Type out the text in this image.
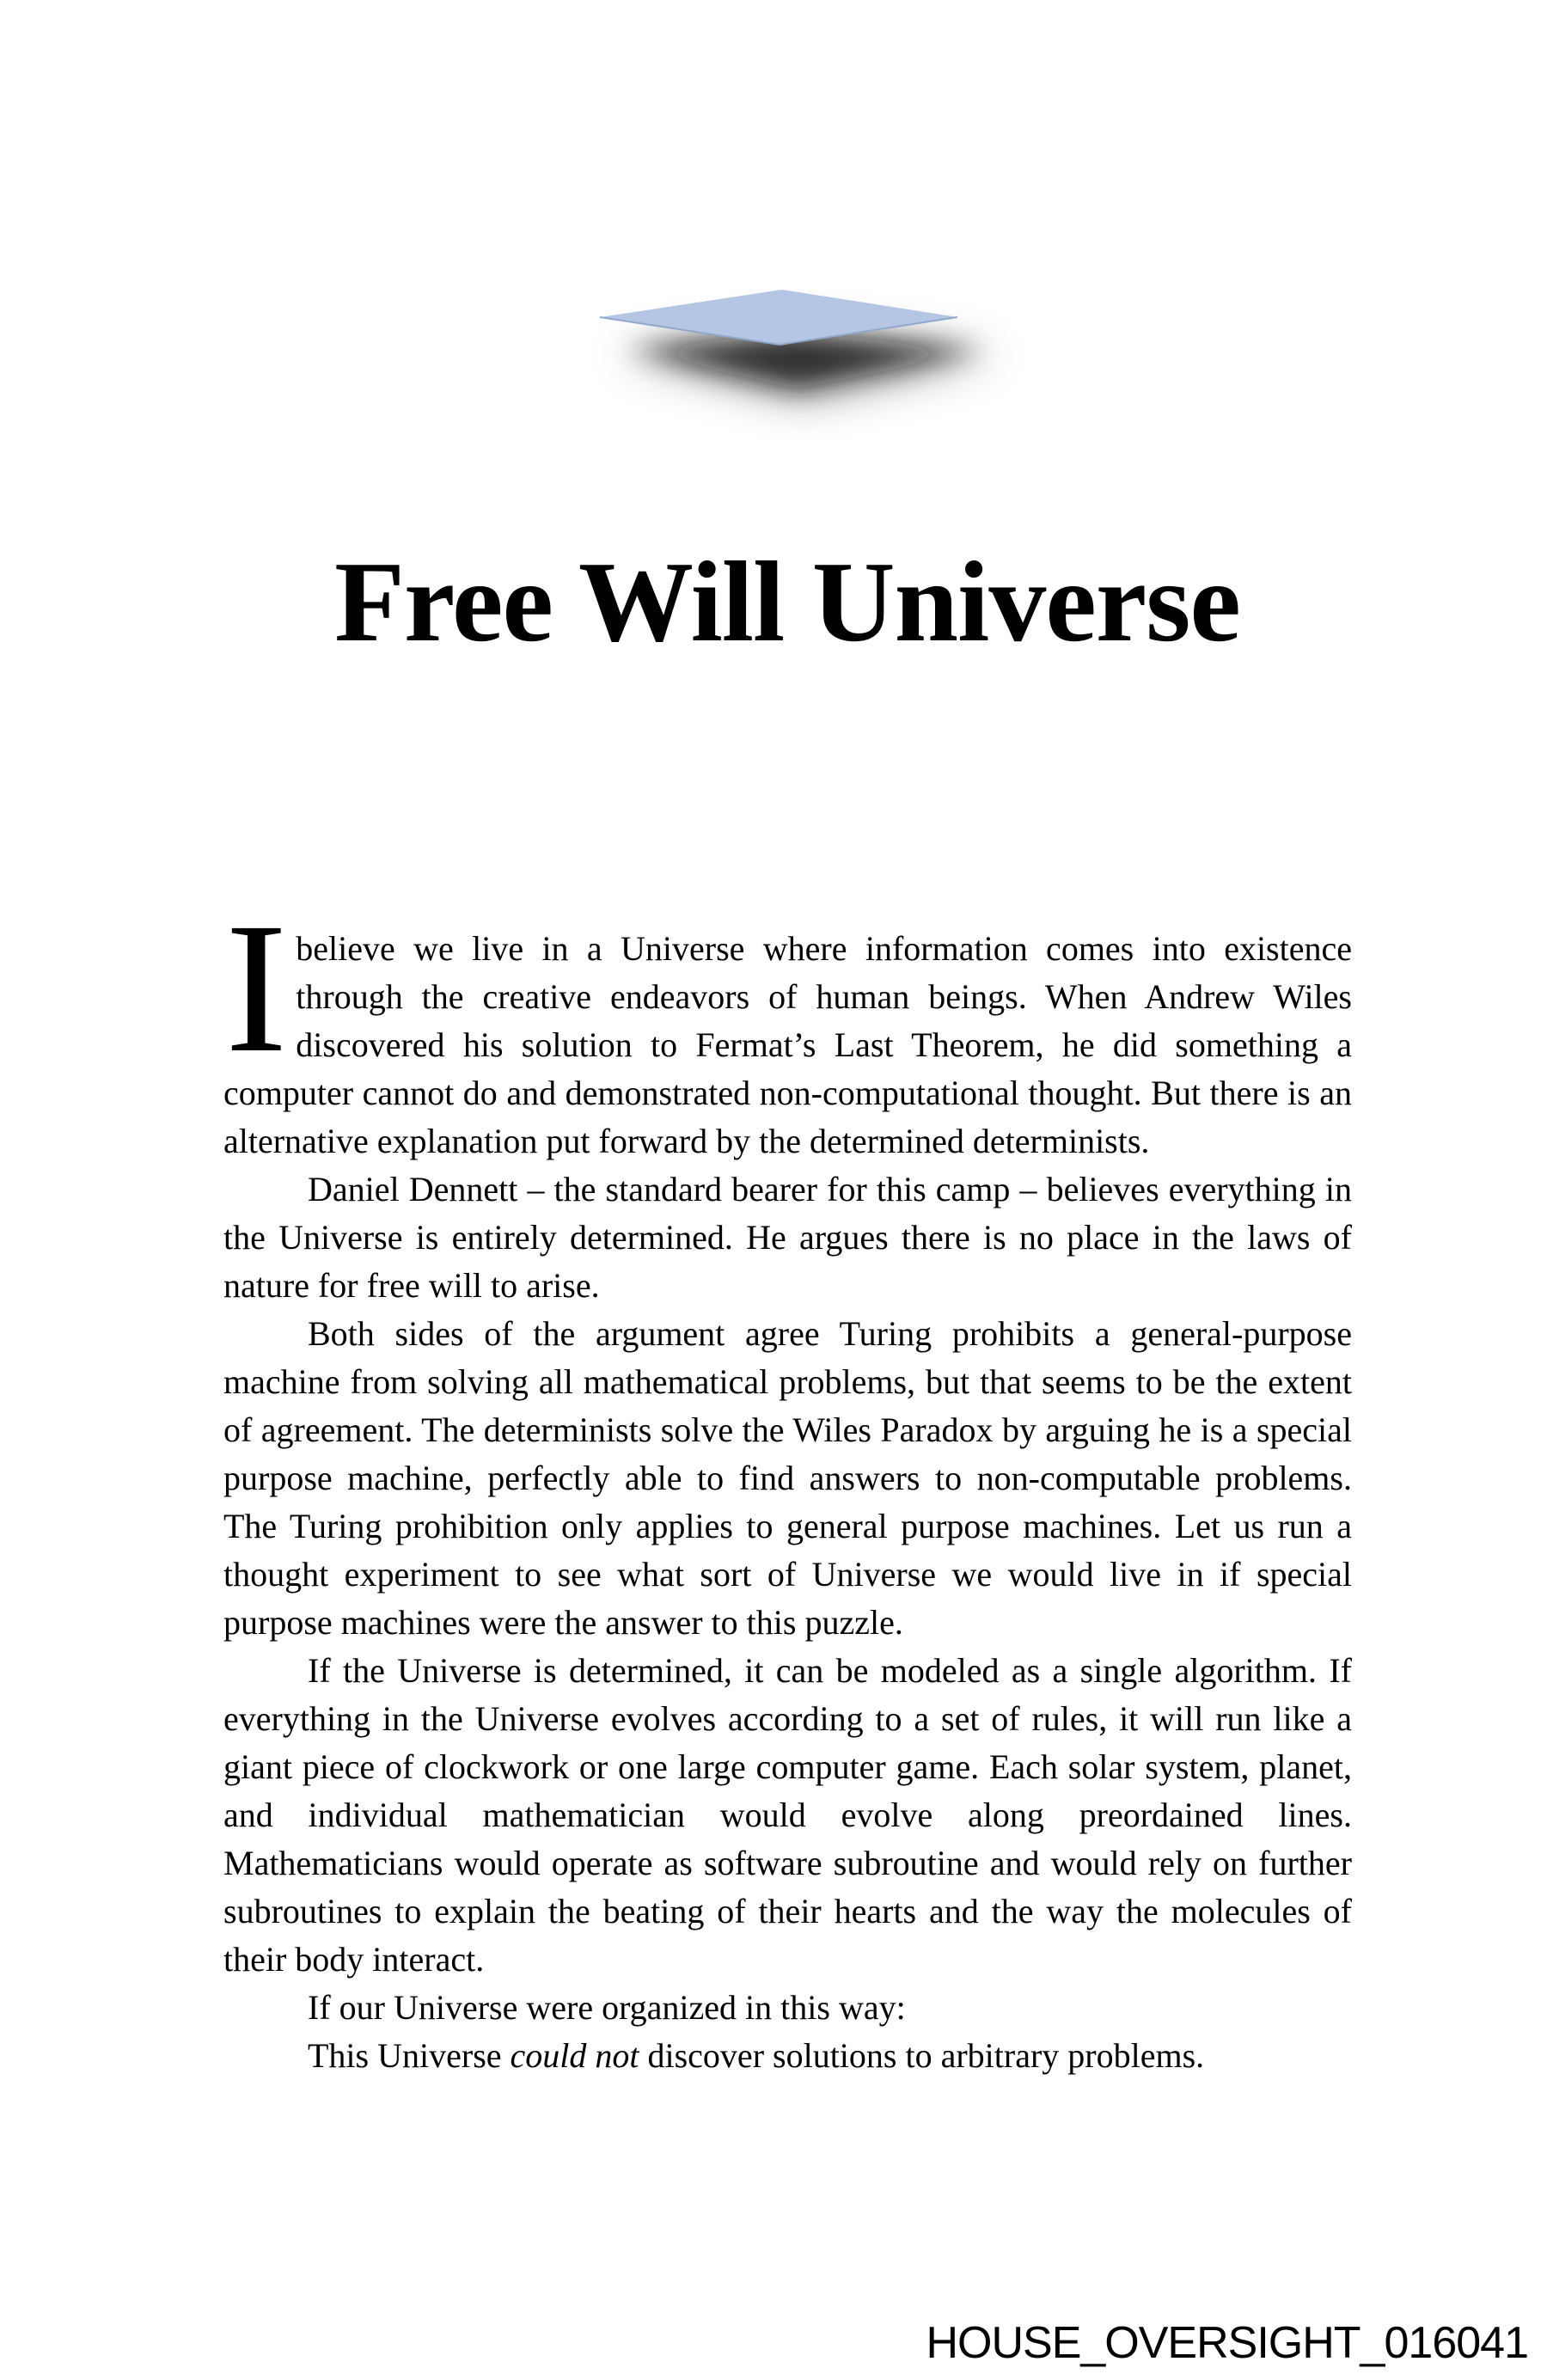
Free Will Universe

I believe we live in a Universe where information comes into existence through the creative endeavors of human beings. When Andrew Wiles discovered his solution to Fermat’s Last Theorem, he did something a computer cannot do and demonstrated non-computational thought. But there is an alternative explanation put forward by the determined determinists.

Daniel Dennett – the standard bearer for this camp – believes everything in the Universe is entirely determined. He argues there is no place in the laws of nature for free will to arise.

Both sides of the argument agree Turing prohibits a general-purpose machine from solving all mathematical problems, but that seems to be the extent of agreement. The determinists solve the Wiles Paradox by arguing he is a special purpose machine, perfectly able to find answers to non-computable problems. The Turing prohibition only applies to general purpose machines. Let us run a thought experiment to see what sort of Universe we would live in if special purpose machines were the answer to this puzzle.

If the Universe is determined, it can be modeled as a single algorithm. If everything in the Universe evolves according to a set of rules, it will run like a giant piece of clockwork or one large computer game. Each solar system, planet, and individual mathematician would evolve along preordained lines. Mathematicians would operate as software subroutine and would rely on further subroutines to explain the beating of their hearts and the way the molecules of their body interact.

If our Universe were organized in this way:

This Universe could not discover solutions to arbitrary problems.

HOUSE_OVERSIGHT_016041
